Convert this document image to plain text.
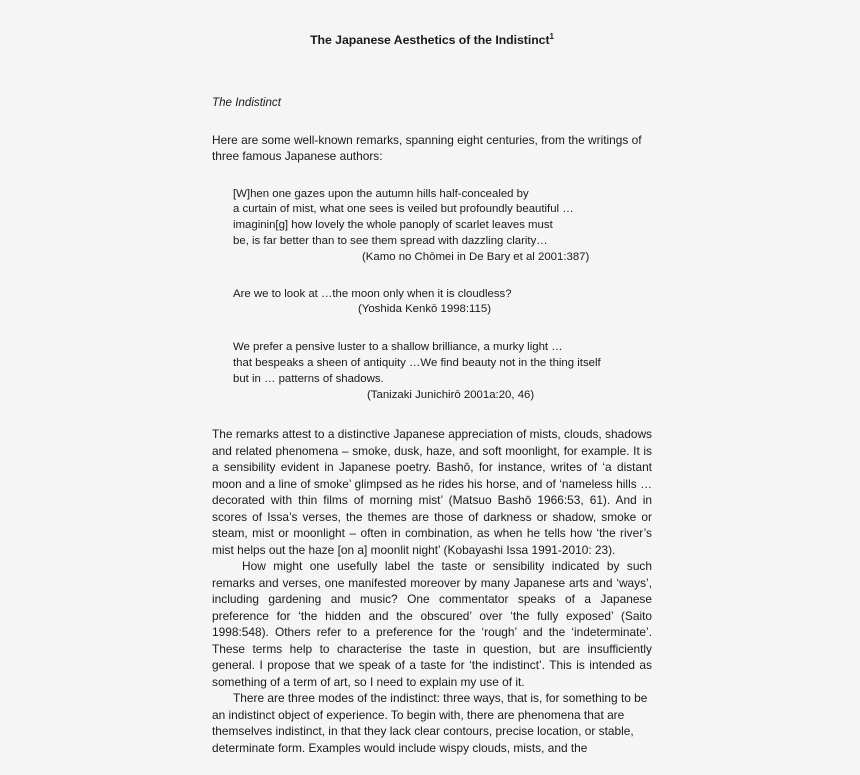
The Japanese Aesthetics of the Indistinct$^1$
The Indistinct

Here are some well-known remarks, spanning eight centuries, from the writings of three famous Japanese authors:

[W]hen one gazes upon the autumn hills half-concealed by
a curtain of mist, what one sees is veiled but profoundly beautiful …
imaginin[g] how lovely the whole panoply of scarlet leaves must
be, is far better than to see them spread with dazzling clarity…
(Kamo no Chōmei in De Bary et al 2001:387)
Are we to look at …the moon only when it is cloudless?
(Yoshida Kenkō 1998:115)
We prefer a pensive luster to a shallow brilliance, a murky light …
that bespeaks a sheen of antiquity …We find beauty not in the thing itself
but in … patterns of shadows.
(Tanizaki Junichirō 2001a:20, 46)

The remarks attest to a distinctive Japanese appreciation of mists, clouds, shadows and related phenomena – smoke, dusk, haze, and soft moonlight, for example. It is a sensibility evident in Japanese poetry. Bashō, for instance, writes of ‘a distant moon and a line of smoke’ glimpsed as he rides his horse, and of ‘nameless hills … decorated with thin films of morning mist’ (Matsuo Bashō 1966:53, 61). And in scores of Issa’s verses, the themes are those of darkness or shadow, smoke or steam, mist or moonlight – often in combination, as when he tells how ‘the river’s mist helps out the haze [on a] moonlit night’ (Kobayashi Issa 1991-2010: 23).

How might one usefully label the taste or sensibility indicated by such remarks and verses, one manifested moreover by many Japanese arts and ‘ways’, including gardening and music? One commentator speaks of a Japanese preference for ‘the hidden and the obscured’ over ‘the fully exposed’ (Saito 1998:548). Others refer to a preference for the ‘rough’ and the ‘indeterminate’. These terms help to characterise the taste in question, but are insufficiently general. I propose that we speak of a taste for ‘the indistinct’. This is intended as something of a term of art, so I need to explain my use of it.

There are three modes of the indistinct: three ways, that is, for something to be an indistinct object of experience. To begin with, there are phenomena that are themselves indistinct, in that they lack clear contours, precise location, or stable, determinate form. Examples would include wispy clouds, mists, and the
